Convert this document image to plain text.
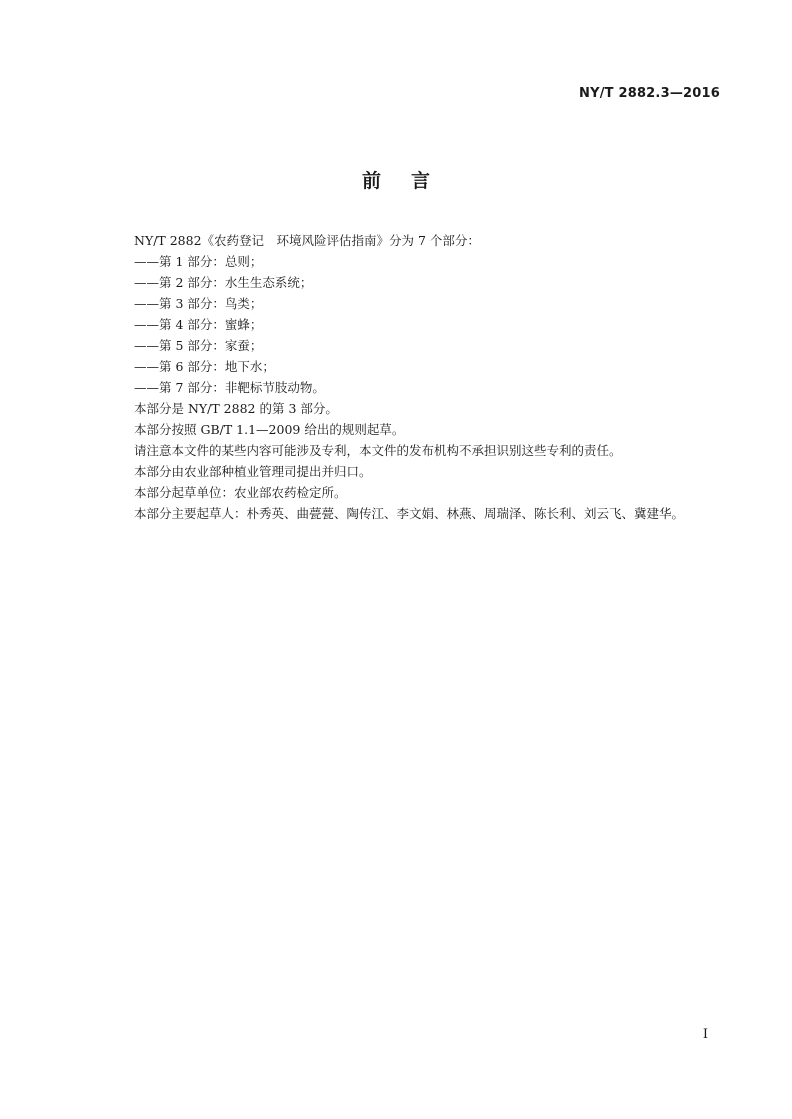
NY/T 2882.3—2016
前言
NY/T 2882《农药登记　环境风险评估指南》分为 7 个部分：
——第 1 部分：总则；
——第 2 部分：水生生态系统；
——第 3 部分：鸟类；
——第 4 部分：蜜蜂；
——第 5 部分：家蚕；
——第 6 部分：地下水；
——第 7 部分：非靶标节肢动物。
本部分是 NY/T 2882 的第 3 部分。
本部分按照 GB/T 1.1—2009 给出的规则起草。
请注意本文件的某些内容可能涉及专利，本文件的发布机构不承担识别这些专利的责任。
本部分由农业部种植业管理司提出并归口。
本部分起草单位：农业部农药检定所。
本部分主要起草人：朴秀英、曲甍甍、陶传江、李文娟、林燕、周瑞泽、陈长利、刘云飞、冀建华。
I
